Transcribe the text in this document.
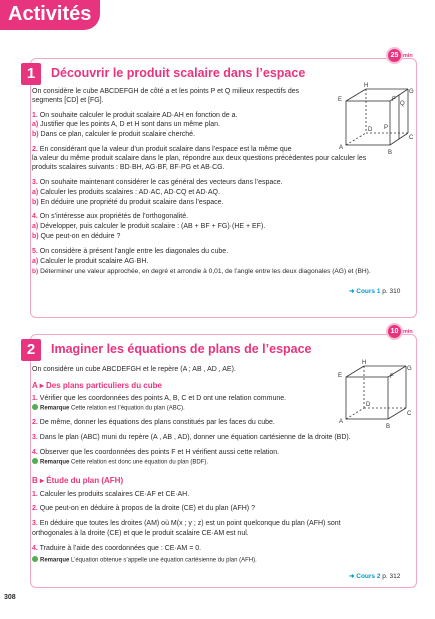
Activités
25 min
1	Découvrir le produit scalaire dans l’espace
On considère le cube ABCDEFGH de côté a et les points P et Q milieux respectifs des
segments [CD] et [FG].
1. On souhaite calculer le produit scalaire AD·AH en fonction de a.
a) Justifier que les points A, D et H sont dans un même plan.
b) Dans ce plan, calculer le produit scalaire cherché.
2. En considérant que la valeur d’un produit scalaire dans l’espace est la même que
la valeur du même produit scalaire dans le plan, répondre aux deux questions précédentes pour calculer les
produits scalaires suivants : BD·BH, AG·BF, BF·PG et AB·CG.
3. On souhaite maintenant considérer le cas général des vecteurs dans l’espace.
a) Calculer les produits scalaires : AD·AC, AD·CQ et AD·AQ.
b) En déduire une propriété du produit scalaire dans l’espace.
4. On s’intéresse aux propriétés de l’orthogonalité.
a) Développer, puis calculer le produit scalaire : (AB + BF + FG)·(HE + EF).
b) Que peut-on en déduire ?
5. On considère à présent l’angle entre les diagonales du cube.
a) Calculer le produit scalaire AG·BH.
b) Déterminer une valeur approchée, en degré et arrondie à 0,01, de l’angle entre les deux diagonales (AG) et (BH).
➜ Cours 1 p. 310
H
G
E	F
Q
D P
C
A
B
10 min
2	Imaginer les équations de plans de l’espace
On considère un cube ABCDEFGH et le repère (A ; AB , AD , AE).
A ▸ Des plans particuliers du cube
1. Vérifier que les coordonnées des points A, B, C et D ont une relation commune.
Remarque Cette relation est l’équation du plan (ABC).
2. De même, donner les équations des plans constitués par les faces du cube.
3. Dans le plan (ABC) muni du repère (A , AB , AD), donner une équation cartésienne de la droite (BD).
4. Observer que les coordonnées des points F et H vérifient aussi cette relation.
Remarque Cette relation est donc une équation du plan (BDF).
B ▸ Étude du plan (AFH)
1. Calculer les produits scalaires CE·AF et CE·AH.
2. Que peut-on en déduire à propos de la droite (CE) et du plan (AFH) ?
3. En déduire que toutes les droites (AM) où M(x ; y ; z) est un point quelconque du plan (AFH) sont
orthogonales à la droite (CE) et que le produit scalaire CE·AM est nul.
4. Traduire à l’aide des coordonnées que : CE·AM = 0.
Remarque L’équation obtenue s’appelle une équation cartésienne du plan (AFH).
➜ Cours 2 p. 312
H
G
E	F
D
C
A
B
308
